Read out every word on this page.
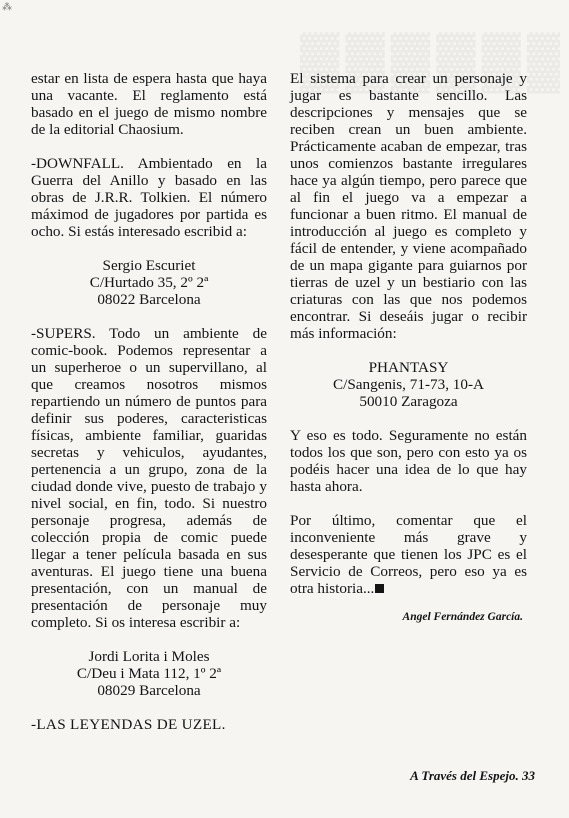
⁂

estar en lista de espera hasta que haya una vacante. El reglamento está basado en el juego de mismo nombre de la editorial Chaosium.

-DOWNFALL. Ambientado en la Guerra del Anillo y basado en las obras de J.R.R. Tolkien. El número máximod de jugadores por partida es ocho. Si estás interesado escribid a:

Sergio Escuriet
C/Hurtado 35, 2º 2ª
08022 Barcelona

-SUPERS. Todo un ambiente de comic-book. Podemos representar a un superheroe o un supervillano, al que creamos nosotros mismos repartiendo un número de puntos para definir sus poderes, caracteristicas físicas, ambiente familiar, guaridas secretas y vehiculos, ayudantes, pertenencia a un grupo, zona de la ciudad donde vive, puesto de trabajo y nivel social, en fin, todo. Si nuestro personaje progresa, además de colección propia de comic puede llegar a tener película basada en sus aventuras. El juego tiene una buena presentación, con un manual de presentación de personaje muy completo. Si os interesa escribir a:

Jordi Lorita i Moles
C/Deu i Mata 112, 1º 2ª
08029 Barcelona

-LAS LEYENDAS DE UZEL.

El sistema para crear un personaje y jugar es bastante sencillo. Las descripciones y mensajes que se reciben crean un buen ambiente. Prácticamente acaban de empezar, tras unos comienzos bastante irregulares hace ya algún tiempo, pero parece que al fin el juego va a empezar a funcionar a buen ritmo. El manual de introducción al juego es completo y fácil de entender, y viene acompañado de un mapa gigante para guiarnos por tierras de uzel y un bestiario con las criaturas con las que nos podemos encontrar. Si deseáis jugar o recibir más información:

PHANTASY
C/Sangenis, 71-73, 10-A
50010 Zaragoza

Y eso es todo. Seguramente no están todos los que son, pero con esto ya os podéis hacer una idea de lo que hay hasta ahora.

Por último, comentar que el inconveniente más grave y desesperante que tienen los JPC es el Servicio de Correos, pero eso ya es otra historia...

Angel Fernández García.
A Través del Espejo. 33
